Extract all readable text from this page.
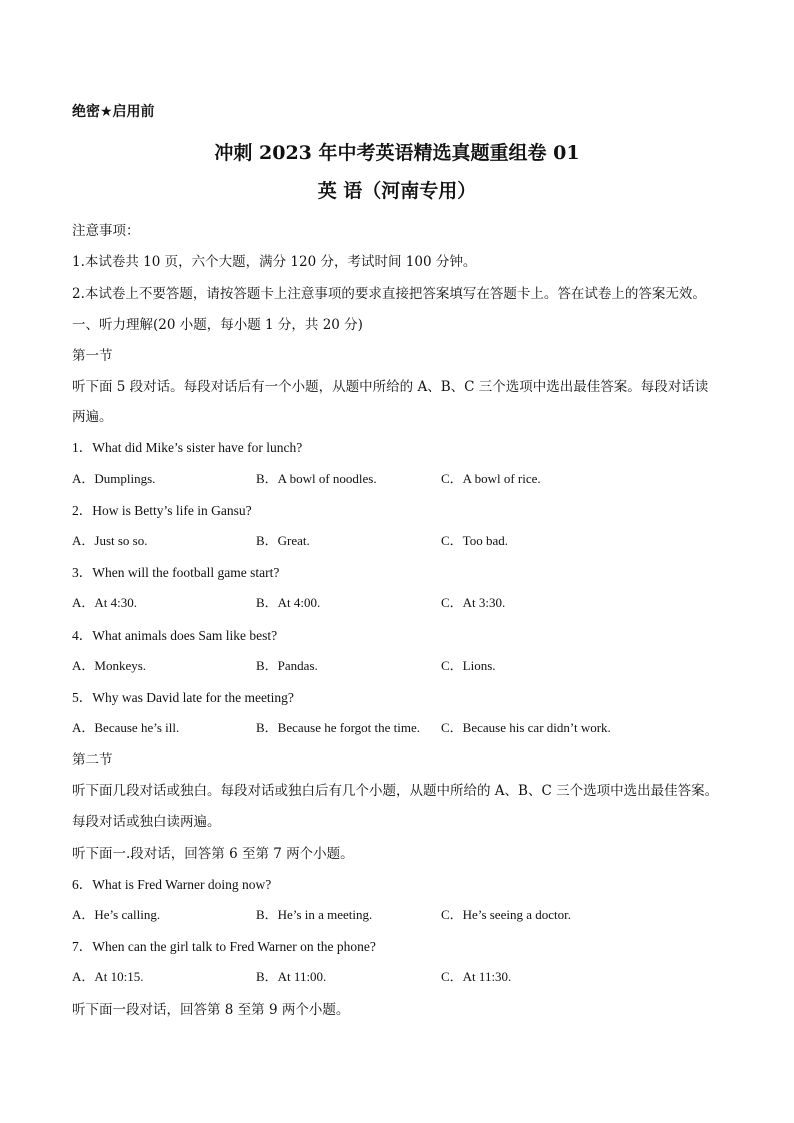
绝密★启用前
冲刺 2023 年中考英语精选真题重组卷 01
英 语（河南专用）
注意事项：
1.本试卷共 10 页，六个大题，满分 120 分，考试时间 100 分钟。
2.本试卷上不要答题，请按答题卡上注意事项的要求直接把答案填写在答题卡上。答在试卷上的答案无效。
一、听力理解(20 小题，每小题 1 分，共 20 分)
第一节
听下面 5 段对话。每段对话后有一个小题，从题中所给的 A、B、C 三个选项中选出最佳答案。每段对话读
两遍。
1．What did Mike’s sister have for lunch?
A．Dumplings.	B．A bowl of noodles.	C．A bowl of rice.
2．How is Betty’s life in Gansu?
A．Just so so.	B．Great.	C．Too bad.
3．When will the football game start?
A．At 4:30.	B．At 4:00.	C．At 3:30.
4．What animals does Sam like best?
A．Monkeys.	B．Pandas.	C．Lions.
5．Why was David late for the meeting?
A．Because he’s ill.	B．Because he forgot the time. C．Because his car didn’t work.
第二节
听下面几段对话或独白。每段对话或独白后有几个小题，从题中所给的 A、B、C 三个选项中选出最佳答案。
每段对话或独白读两遍。
听下面一.段对话，回答第 6 至第 7 两个小题。
6．What is Fred Warner doing now?
A．He’s calling.	B．He’s in a meeting.	C．He’s seeing a doctor.
7．When can the girl talk to Fred Warner on the phone?
A．At 10:15.	B．At 11:00.	C．At 11:30.
听下面一段对话，回答第 8 至第 9 两个小题。
